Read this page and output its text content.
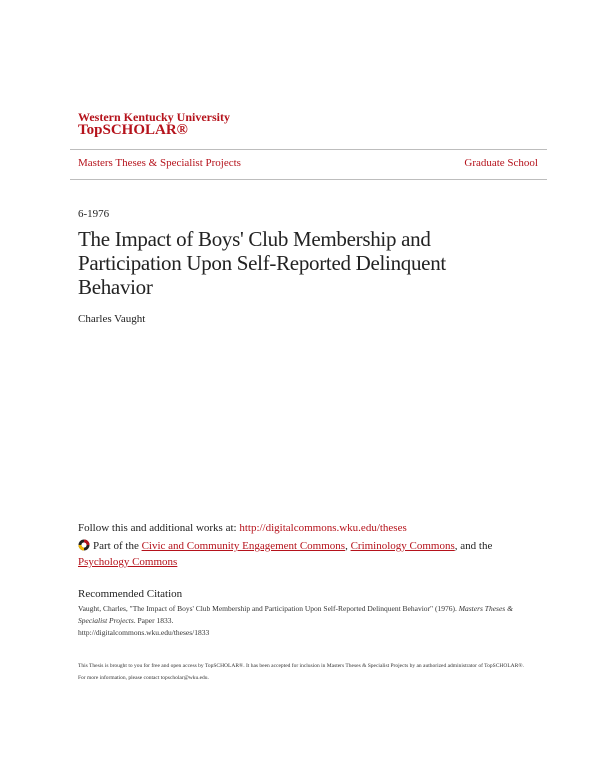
Western Kentucky University
TopSCHOLAR®
Masters Theses & Specialist Projects	Graduate School
6-1976
The Impact of Boys' Club Membership and Participation Upon Self-Reported Delinquent Behavior
Charles Vaught
Follow this and additional works at: http://digitalcommons.wku.edu/theses
Part of the Civic and Community Engagement Commons, Criminology Commons, and the
Psychology Commons
Recommended Citation
Vaught, Charles, "The Impact of Boys' Club Membership and Participation Upon Self-Reported Delinquent Behavior" (1976). Masters Theses & Specialist Projects. Paper 1833.
http://digitalcommons.wku.edu/theses/1833
This Thesis is brought to you for free and open access by TopSCHOLAR®. It has been accepted for inclusion in Masters Theses & Specialist Projects by an authorized administrator of TopSCHOLAR®. For more information, please contact topscholar@wku.edu.
